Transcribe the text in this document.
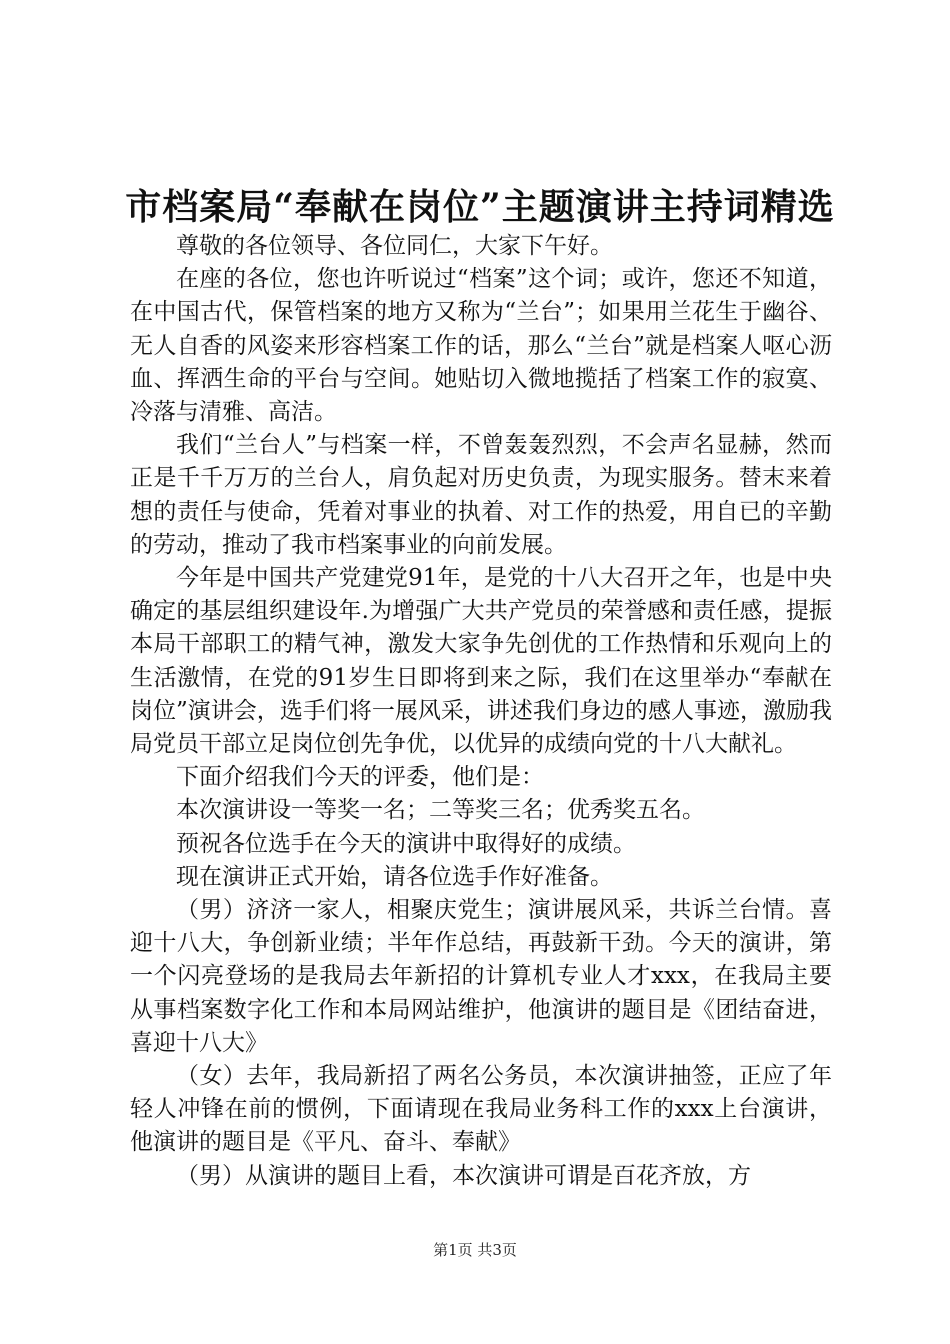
市档案局“奉献在岗位”主题演讲主持词精选

尊敬的各位领导、各位同仁，大家下午好。

在座的各位，您也许听说过“档案”这个词；或许，您还不知道，在中国古代，保管档案的地方又称为“兰台”；如果用兰花生于幽谷、无人自香的风姿来形容档案工作的话，那么“兰台”就是档案人呕心沥血、挥洒生命的平台与空间。她贴切入微地揽括了档案工作的寂寞、冷落与清雅、高洁。

我们“兰台人”与档案一样，不曾轰轰烈烈，不会声名显赫，然而正是千千万万的兰台人，肩负起对历史负责，为现实服务。替末来着想的责任与使命，凭着对事业的执着、对工作的热爱，用自已的辛勤的劳动，推动了我市档案事业的向前发展。

今年是中国共产党建党91年，是党的十八大召开之年，也是中央确定的基层组织建设年.为增强广大共产党员的荣誉感和责任感，提振本局干部职工的精气神，激发大家争先创优的工作热情和乐观向上的生活激情，在党的91岁生日即将到来之际，我们在这里举办“奉献在岗位”演讲会，选手们将一展风采，讲述我们身边的感人事迹，激励我局党员干部立足岗位创先争优，以优异的成绩向党的十八大献礼。

下面介绍我们今天的评委，他们是：

本次演讲设一等奖一名；二等奖三名；优秀奖五名。

预祝各位选手在今天的演讲中取得好的成绩。

现在演讲正式开始，请各位选手作好准备。

（男）济济一家人，相聚庆党生；演讲展风采，共诉兰台情。喜迎十八大，争创新业绩；半年作总结，再鼓新干劲。今天的演讲，第一个闪亮登场的是我局去年新招的计算机专业人才xxx，在我局主要从事档案数字化工作和本局网站维护，他演讲的题目是《团结奋进，喜迎十八大》

（女）去年，我局新招了两名公务员，本次演讲抽签，正应了年轻人冲锋在前的惯例，下面请现在我局业务科工作的xxx上台演讲，他演讲的题目是《平凡、奋斗、奉献》

（男）从演讲的题目上看，本次演讲可谓是百花齐放，方

第1页 共3页
